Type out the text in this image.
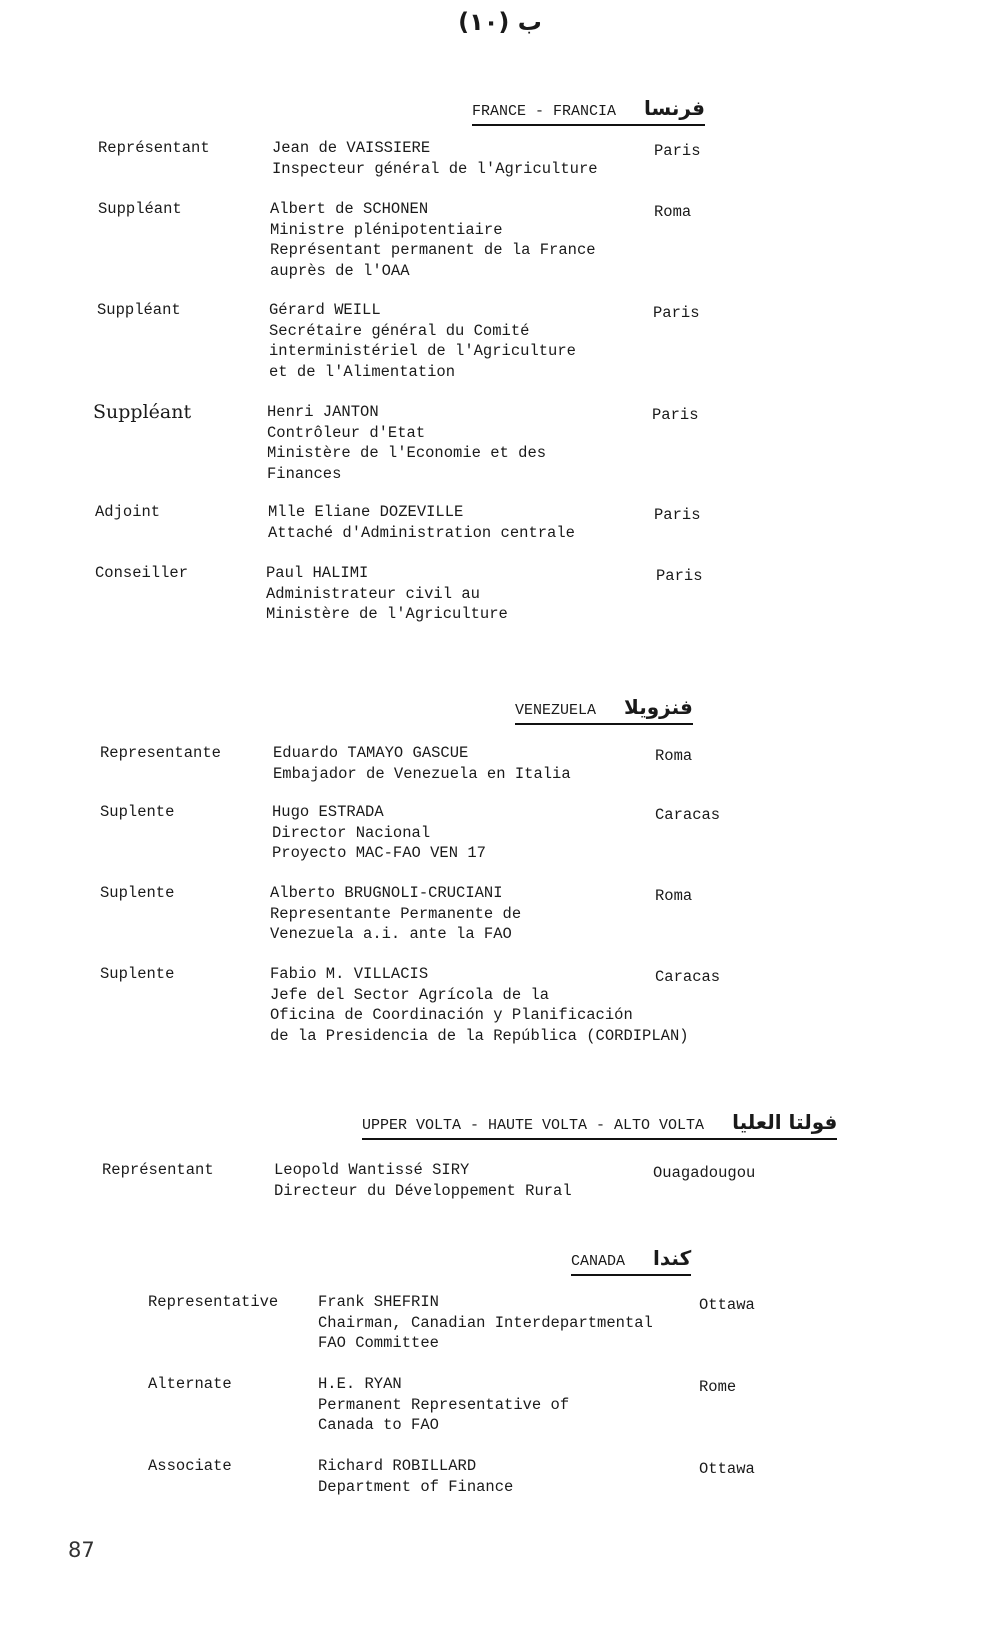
ب (١٠)
FRANCE - FRANCIA فرنسا
Représentant	Jean de VAISSIERE
Inspecteur général de l'Agriculture
Paris
Suppléant	Albert de SCHONEN
Ministre plénipotentiaire
Représentant permanent de la France
auprès de l'OAA
Roma
Suppléant	Gérard WEILL
Secrétaire général du Comité
interministériel de l'Agriculture
et de l'Alimentation
Paris
Suppléant	Henri JANTON
Contrôleur d'Etat
Ministère de l'Economie et des
Finances
Paris
Adjoint	Mlle Eliane DOZEVILLE
Attaché d'Administration centrale
Paris
Conseiller	Paul HALIMI
Administrateur civil au
Ministère de l'Agriculture
Paris
VENEZUELA فنزويلا
Representante	Eduardo TAMAYO GASCUE
Embajador de Venezuela en Italia
Roma
Suplente	Hugo ESTRADA
Director Nacional
Proyecto MAC-FAO VEN 17
Caracas
Suplente	Alberto BRUGNOLI-CRUCIANI
Representante Permanente de
Venezuela a.i. ante la FAO
Roma
Suplente	Fabio M. VILLACIS
Jefe del Sector Agrícola de la
Oficina de Coordinación y Planificación
de la Presidencia de la República (CORDIPLAN)
Caracas
UPPER VOLTA - HAUTE VOLTA - ALTO VOLTA فولتا العليا
Représentant	Leopold Wantissé SIRY
Directeur du Développement Rural
Ouagadougou
CANADA كندا
Representative	Frank SHEFRIN
Chairman, Canadian Interdepartmental
FAO Committee
Ottawa
Alternate	H.E. RYAN
Permanent Representative of
Canada to FAO
Rome
Associate	Richard ROBILLARD
Department of Finance
Ottawa
87
